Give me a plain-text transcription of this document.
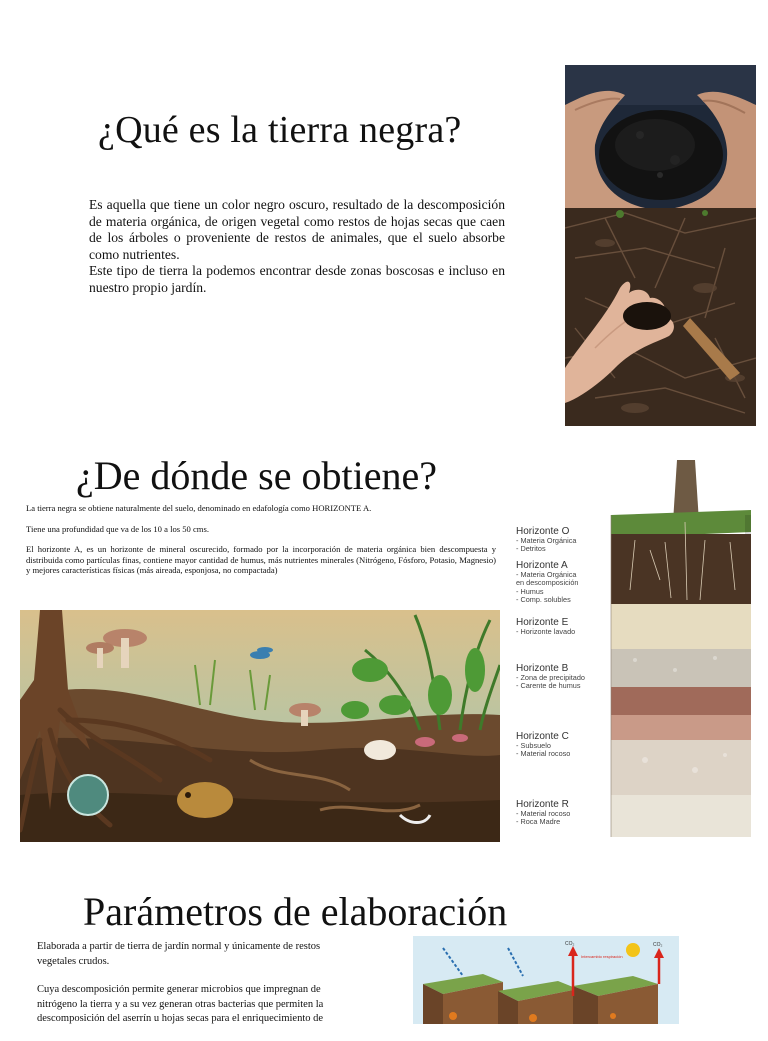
¿Qué es la tierra negra?

Es aquella que tiene un color negro oscuro, resultado de la descomposición de materia orgánica, de origen vegetal como restos de hojas secas que caen de los árboles o proveniente de restos de animales, que el suelo absorbe como nutrientes.

Este tipo de tierra la podemos encontrar desde zonas boscosas e incluso en nuestro propio jardín.

¿De dónde se obtiene?

La tierra negra se obtiene naturalmente del suelo, denominado en edafología como HORIZONTE A.

Tiene una profundidad que va de los 10 a los 50 cms.

El horizonte A, es un horizonte de mineral oscurecido, formado por la incorporación de materia orgánica bien descompuesta y distribuida como partículas finas, contiene mayor cantidad de humus, más nutrientes minerales (Nitrógeno, Fósforo, Potasio, Magnesio) y mejores características físicas (más aireada, esponjosa, no compactada)

Horizonte O
- Materia Orgánica
- Detritos
Horizonte A
- Materia Orgánica
en descomposición
- Humus
- Comp. solubles
Horizonte E
- Horizonte lavado
Horizonte B
- Zona de precipitado
- Carente de humus
Horizonte C
- Subsuelo
- Material rocoso
Horizonte R
- Material rocoso
- Roca Madre
Parámetros de elaboración

Elaborada a partir de tierra de jardín normal y únicamente de restos vegetales crudos.

Cuya descomposición permite generar microbios que impregnan de nitrógeno la tierra y a su vez generan otras bacterias que permiten la descomposición del aserrín u hojas secas para el enriquecimiento de

CO₂	CO₂
Intercambio respiración
